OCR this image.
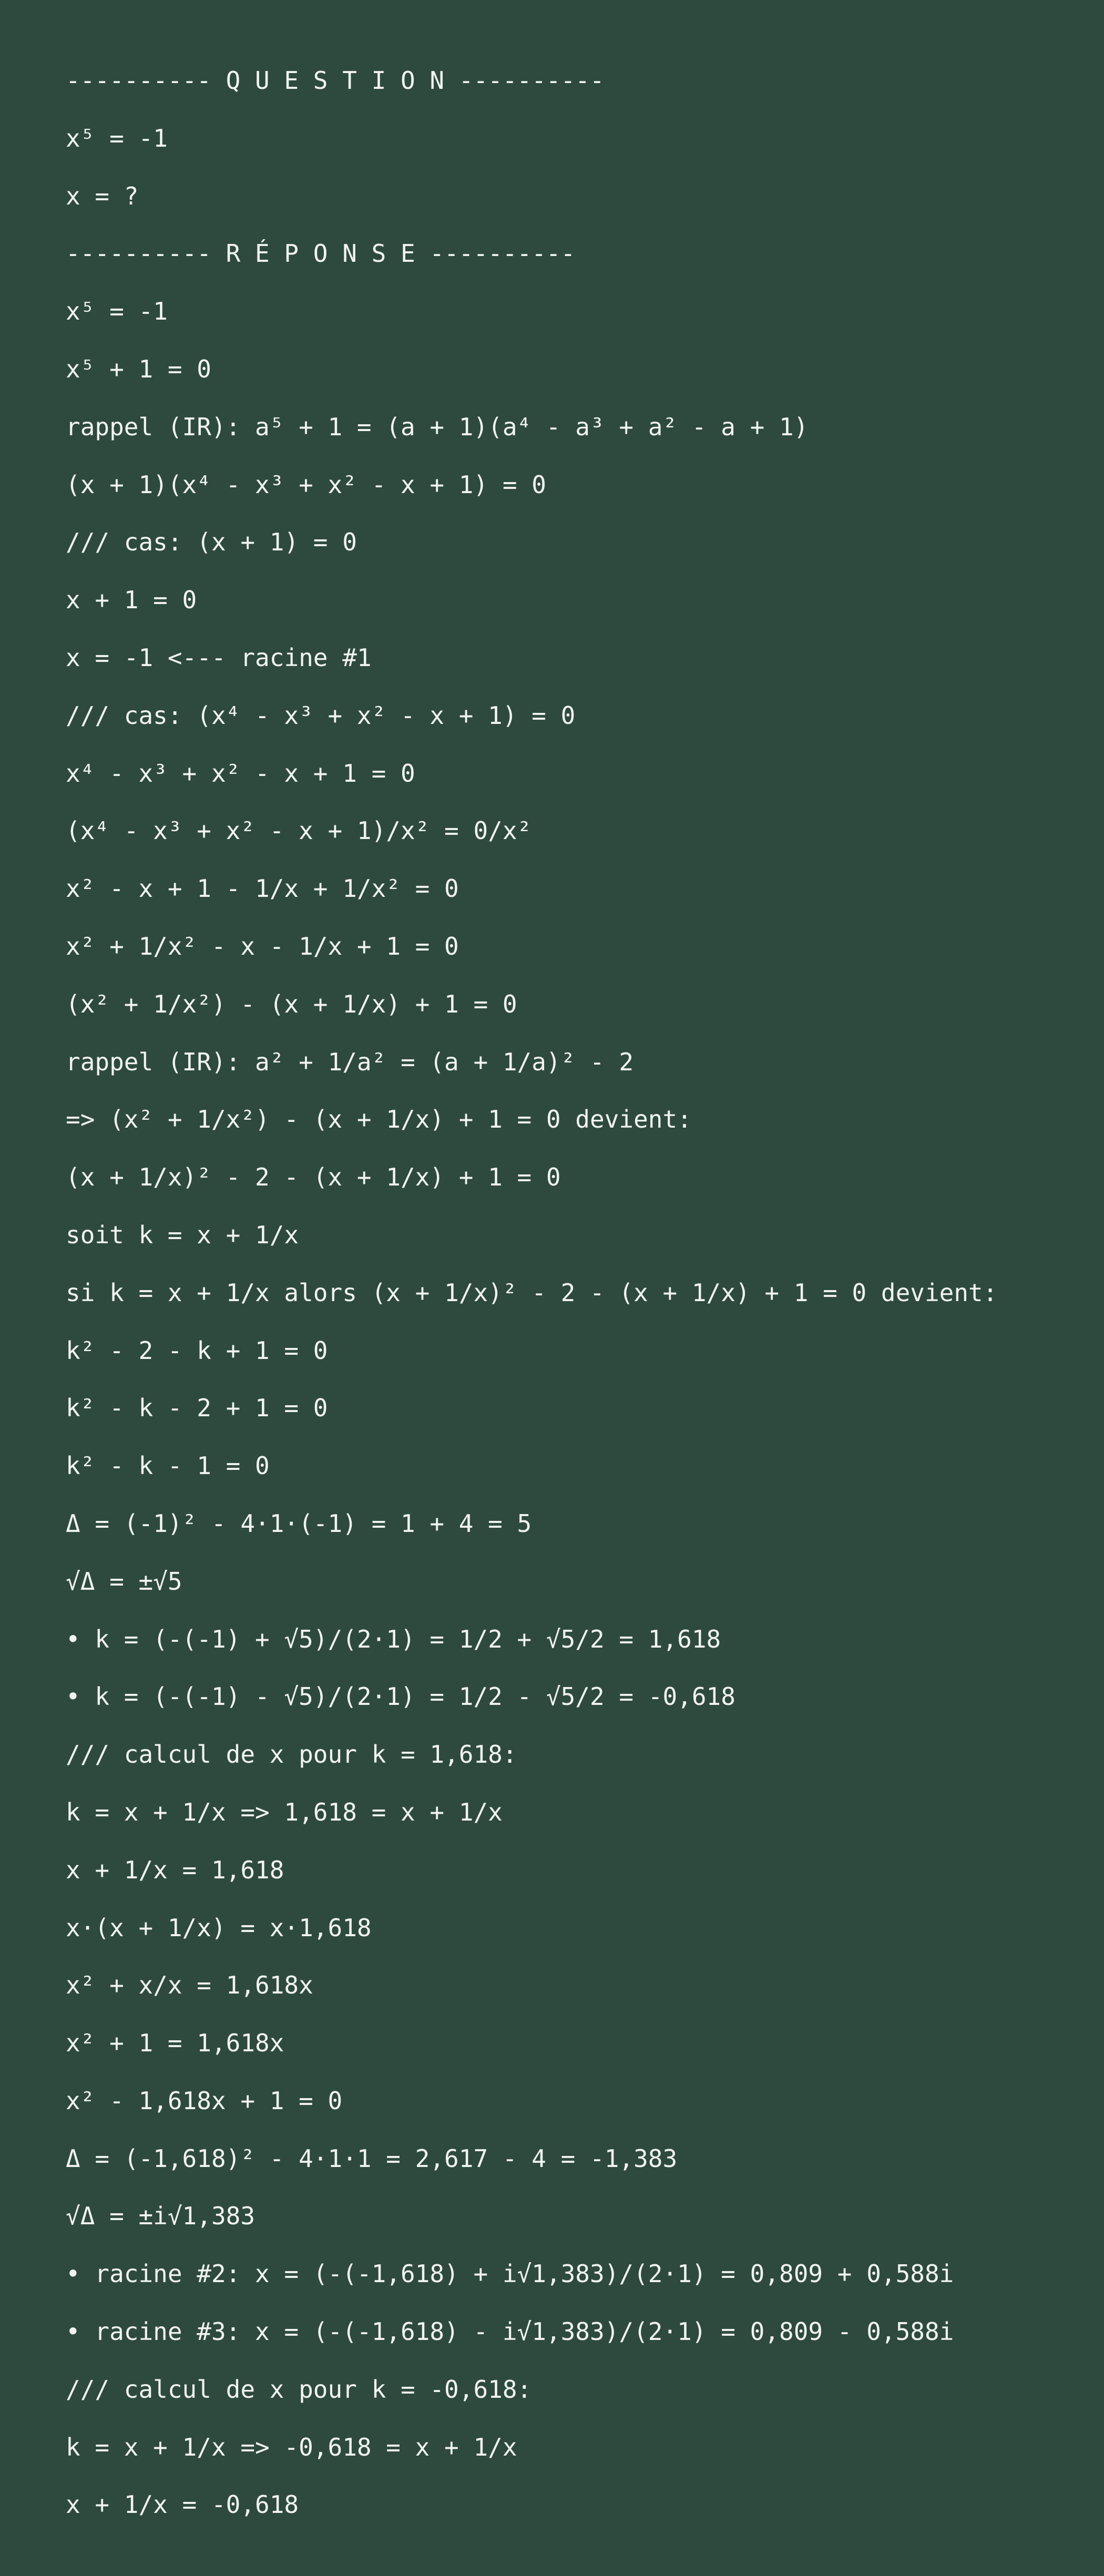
---------- Q U E S T I O N ----------
x⁵ = -1
x = ?
---------- R É P O N S E ----------
x⁵ = -1
x⁵ + 1 = 0
rappel (IR): a⁵ + 1 = (a + 1)(a⁴ - a³ + a² - a + 1)
(x + 1)(x⁴ - x³ + x² - x + 1) = 0
/// cas: (x + 1) = 0
x + 1 = 0
x = -1 <--- racine #1
/// cas: (x⁴ - x³ + x² - x + 1) = 0
x⁴ - x³ + x² - x + 1 = 0
(x⁴ - x³ + x² - x + 1)/x² = 0/x²
x² - x + 1 - 1/x + 1/x² = 0
x² + 1/x² - x - 1/x + 1 = 0
(x² + 1/x²) - (x + 1/x) + 1 = 0
rappel (IR): a² + 1/a² = (a + 1/a)² - 2
=> (x² + 1/x²) - (x + 1/x) + 1 = 0 devient:
(x + 1/x)² - 2 - (x + 1/x) + 1 = 0
soit k = x + 1/x
si k = x + 1/x alors (x + 1/x)² - 2 - (x + 1/x) + 1 = 0 devient:
k² - 2 - k + 1 = 0
k² - k - 2 + 1 = 0
k² - k - 1 = 0
Δ = (-1)² - 4·1·(-1) = 1 + 4 = 5
√Δ = ±√5
• k = (-(-1) + √5)/(2·1) = 1/2 + √5/2 = 1,618
• k = (-(-1) - √5)/(2·1) = 1/2 - √5/2 = -0,618
/// calcul de x pour k = 1,618:
k = x + 1/x => 1,618 = x + 1/x
x + 1/x = 1,618
x·(x + 1/x) = x·1,618
x² + x/x = 1,618x
x² + 1 = 1,618x
x² - 1,618x + 1 = 0
Δ = (-1,618)² - 4·1·1 = 2,617 - 4 = -1,383
√Δ = ±i√1,383
• racine #2: x = (-(-1,618) + i√1,383)/(2·1) = 0,809 + 0,588i
• racine #3: x = (-(-1,618) - i√1,383)/(2·1) = 0,809 - 0,588i
/// calcul de x pour k = -0,618:
k = x + 1/x => -0,618 = x + 1/x
x + 1/x = -0,618
